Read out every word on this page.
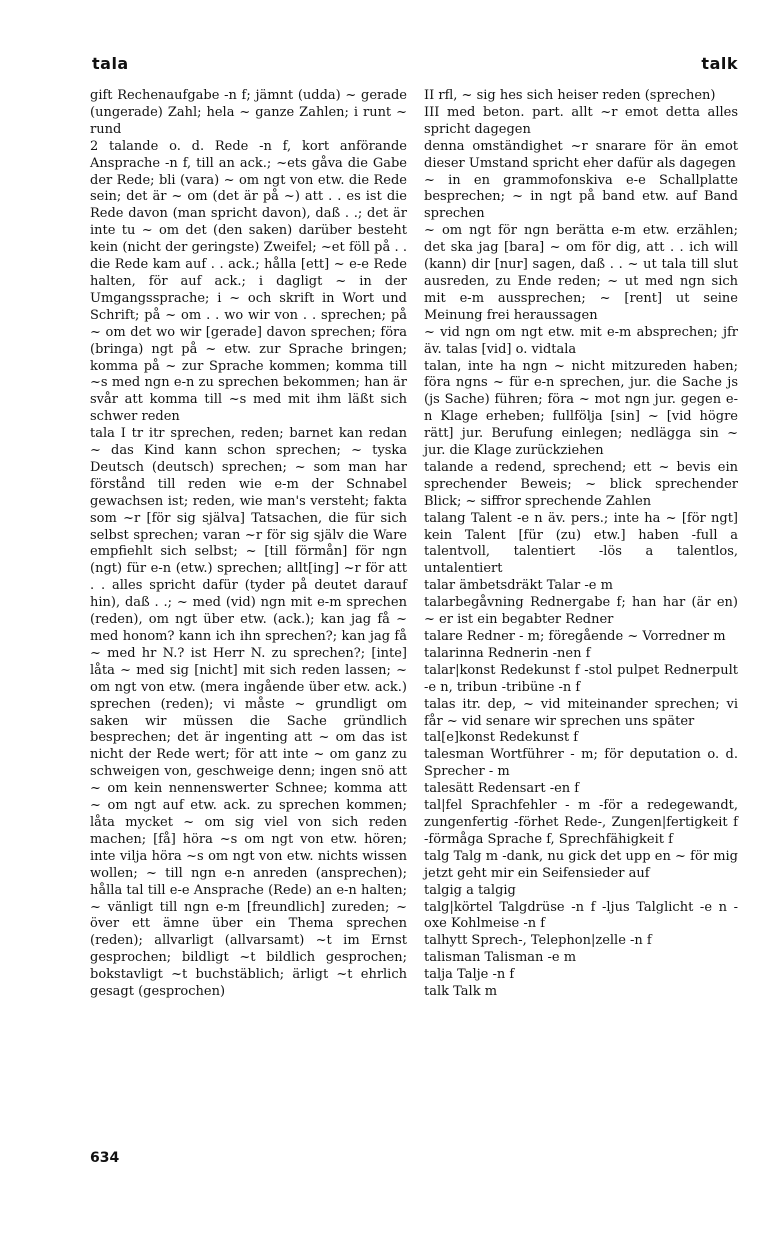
tala	talk

gift Rechenaufgabe -n f; jämnt (udda) ~ gerade (ungerade) Zahl; hela ~ ganze Zahlen; i runt ~ rund

2 talande o. d. Rede -n f, kort anförande Ansprache -n f, till an ack.; ~ets gåva die Gabe der Rede; bli (vara) ~ om ngt von etw. die Rede sein; det är ~ om (det är på ~) att . . es ist die Rede davon (man spricht davon), daß . .; det är inte tu ~ om det (den saken) darüber besteht kein (nicht der geringste) Zweifel; ~et föll på . . die Rede kam auf . . ack.; hålla [ett] ~ e-e Rede halten, för auf ack.; i dagligt ~ in der Umgangssprache; i ~ och skrift in Wort und Schrift; på ~ om . . wo wir von . . sprechen; på ~ om det wo wir [gerade] davon sprechen; föra (bringa) ngt på ~ etw. zur Sprache bringen; komma på ~ zur Sprache kommen; komma till ~s med ngn e-n zu sprechen bekommen; han är svår att komma till ~s med mit ihm läßt sich schwer reden

tala I tr itr sprechen, reden; barnet kan redan ~ das Kind kann schon sprechen; ~ tyska Deutsch (deutsch) sprechen; ~ som man har förstånd till reden wie e-m der Schnabel gewachsen ist; reden, wie man's versteht; fakta som ~r [för sig själva] Tatsachen, die für sich selbst sprechen; varan ~r för sig själv die Ware empfiehlt sich selbst; ~ [till förmån] för ngn (ngt) für e-n (etw.) sprechen; allt[ing] ~r för att . . alles spricht dafür (tyder på deutet darauf hin), daß . .; ~ med (vid) ngn mit e-m sprechen (reden), om ngt über etw. (ack.); kan jag få ~ med honom? kann ich ihn sprechen?; kan jag få ~ med hr N.? ist Herr N. zu sprechen?; [inte] låta ~ med sig [nicht] mit sich reden lassen; ~ om ngt von etw. (mera ingående über etw. ack.) sprechen (reden); vi måste ~ grundligt om saken wir müssen die Sache gründlich besprechen; det är ingenting att ~ om das ist nicht der Rede wert; för att inte ~ om ganz zu schweigen von, geschweige denn; ingen snö att ~ om kein nennenswerter Schnee; komma att ~ om ngt auf etw. ack. zu sprechen kommen; låta mycket ~ om sig viel von sich reden machen; [få] höra ~s om ngt von etw. hören; inte vilja höra ~s om ngt von etw. nichts wissen wollen; ~ till ngn e-n anreden (ansprechen); hålla tal till e-e Ansprache (Rede) an e-n halten; ~ vänligt till ngn e-m [freundlich] zureden; ~ över ett ämne über ein Thema sprechen (reden); allvarligt (allvarsamt) ~t im Ernst gesprochen; bildligt ~t bildlich gesprochen; bokstavligt ~t buchstäblich; ärligt ~t ehrlich gesagt (gesprochen)

II rfl, ~ sig hes sich heiser reden (sprechen)

III med beton. part. allt ~r emot detta alles spricht dagegen

denna omständighet ~r snarare för än emot dieser Umstand spricht eher dafür als dagegen

~ in en grammofonskiva e-e Schallplatte besprechen; ~ in ngt på band etw. auf Band sprechen

~ om ngt för ngn berätta e-m etw. erzählen; det ska jag [bara] ~ om för dig, att . . ich will (kann) dir [nur] sagen, daß . . ~ ut tala till slut ausreden, zu Ende reden; ~ ut med ngn sich mit e-m aussprechen; ~ [rent] ut seine Meinung frei heraussagen

~ vid ngn om ngt etw. mit e-m absprechen; jfr äv. talas [vid] o. vidtala

talan, inte ha ngn ~ nicht mitzureden haben; föra ngns ~ für e-n sprechen, jur. die Sache js (js Sache) führen; föra ~ mot ngn jur. gegen e-n Klage erheben; fullfölja [sin] ~ [vid högre rätt] jur. Berufung einlegen; nedlägga sin ~ jur. die Klage zurückziehen

talande a redend, sprechend; ett ~ bevis ein sprechender Beweis; ~ blick sprechender Blick; ~ siffror sprechende Zahlen

talang Talent -e n äv. pers.; inte ha ~ [för ngt] kein Talent [für (zu) etw.] haben -full a talentvoll, talentiert -lös a talentlos, untalentiert

talar ämbetsdräkt Talar -e m

talarbegåvning Rednergabe f; han har (är en) ~ er ist ein begabter Redner

talare Redner - m; föregående ~ Vorredner m

talarinna Rednerin -nen f

talar|konst Redekunst f -stol pulpet Rednerpult -e n, tribun -tribüne -n f

talas itr. dep, ~ vid miteinander sprechen; vi får ~ vid senare wir sprechen uns später

tal[e]konst Redekunst f

talesman Wortführer - m; för deputation o. d. Sprecher - m

talesätt Redensart -en f

tal|fel Sprachfehler - m -för a redegewandt, zungenfertig -förhet Rede-, Zungen|fertigkeit f -förmåga Sprache f, Sprechfähigkeit f

talg Talg m -dank, nu gick det upp en ~ för mig jetzt geht mir ein Seifensieder auf

talgig a talgig

talg|körtel Talgdrüse -n f -ljus Talglicht -e n -oxe Kohlmeise -n f

talhytt Sprech-, Telephon|zelle -n f

talisman Talisman -e m

talja Talje -n f

talk Talk m

634
